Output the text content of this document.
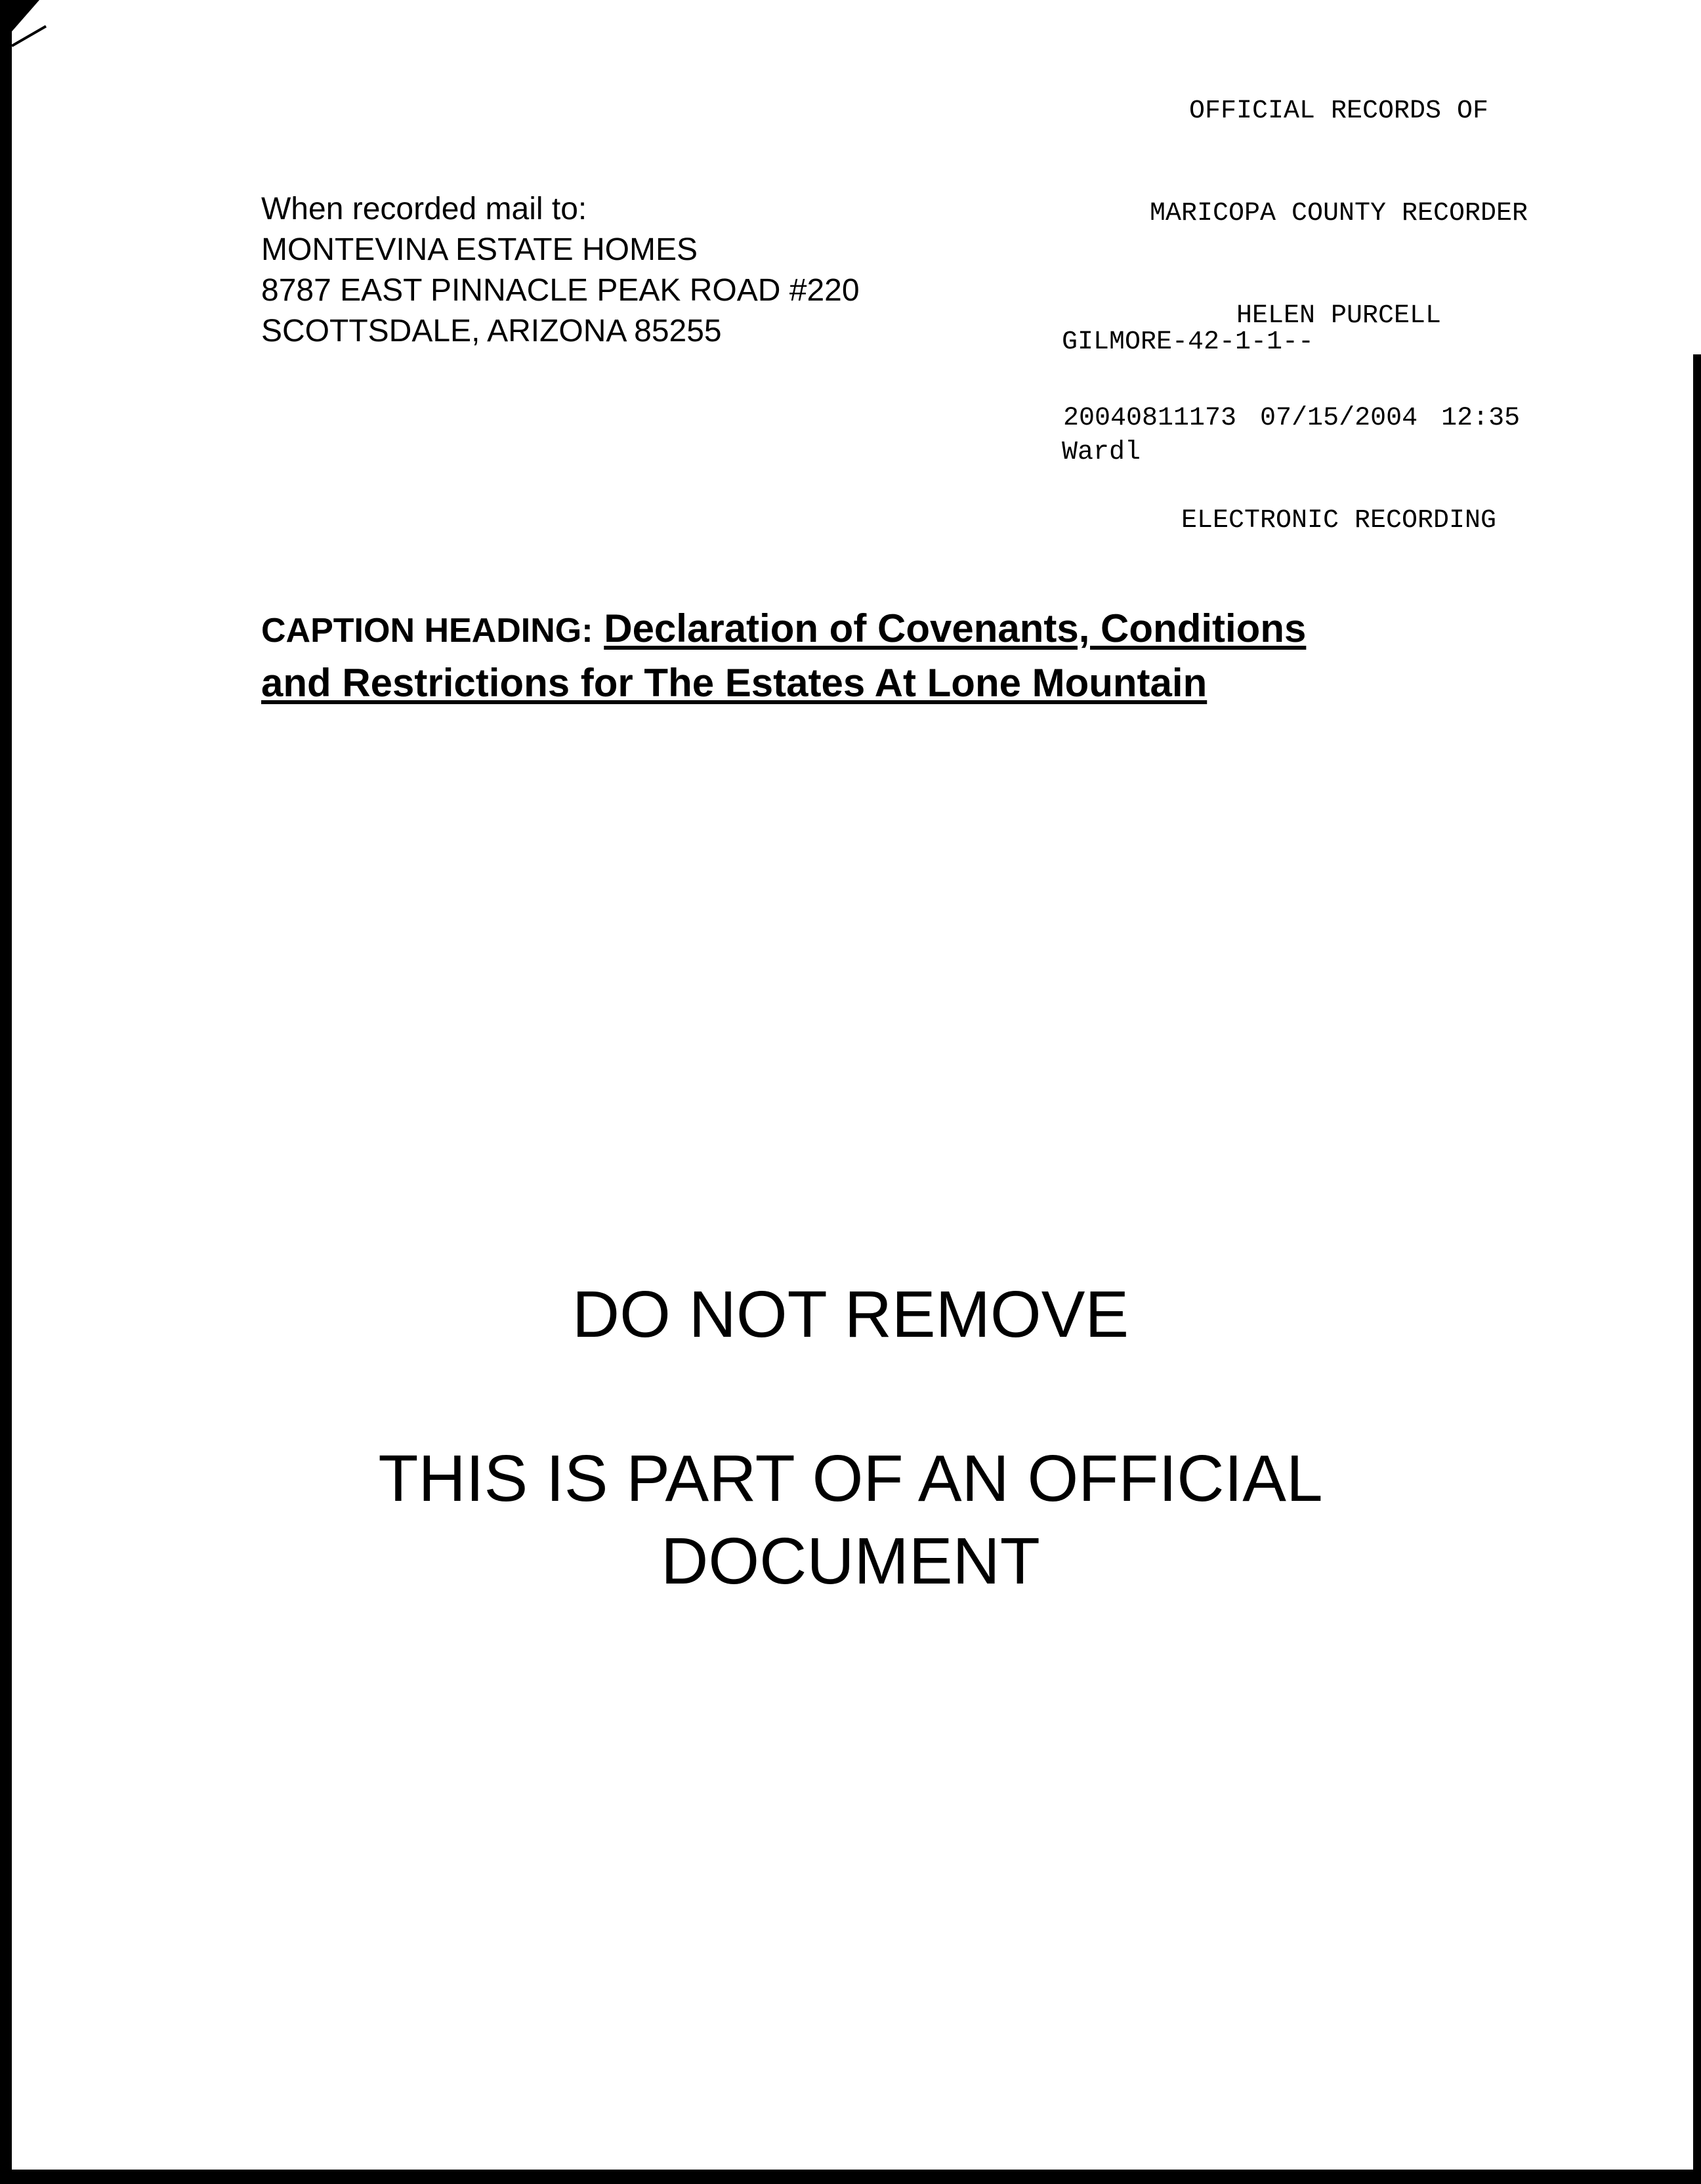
OFFICIAL RECORDS OF

MARICOPA COUNTY RECORDER

HELEN PURCELL

20040811173 07/15/2004 12:35

ELECTRONIC RECORDING

GILMORE-42-1-1--

Wardl

When recorded mail to:
MONTEVINA ESTATE HOMES
8787 EAST PINNACLE PEAK ROAD #220
SCOTTSDALE, ARIZONA 85255
CAPTION HEADING: Declaration of Covenants, Conditions
and Restrictions for The Estates At Lone Mountain
DO NOT REMOVE
THIS IS PART OF AN OFFICIAL
DOCUMENT
